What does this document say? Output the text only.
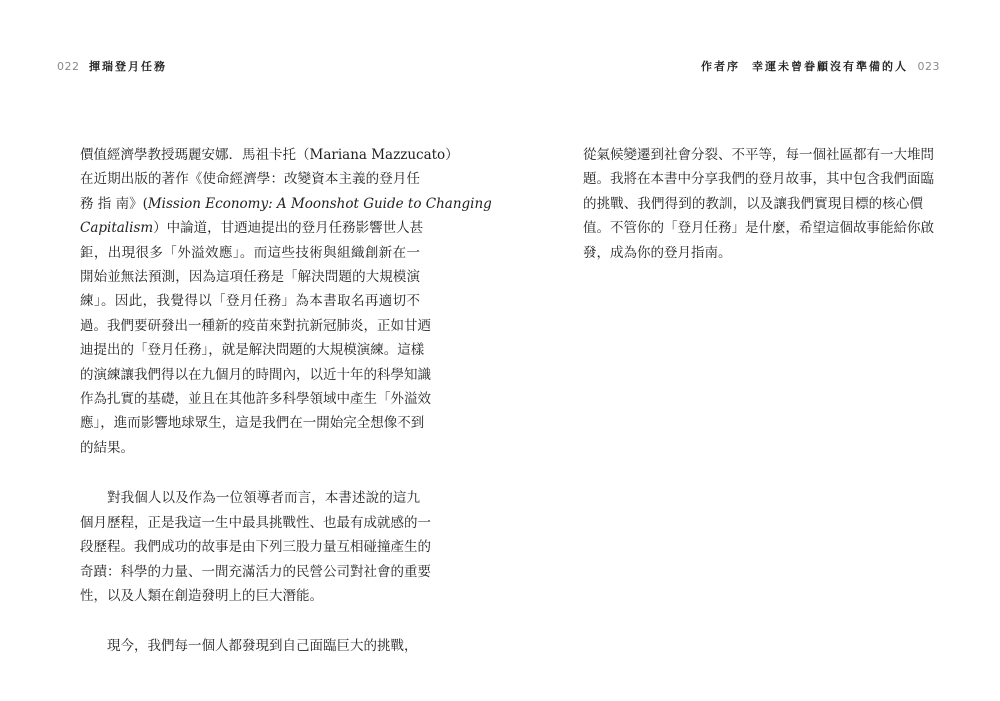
022 揮瑞登月任務	作者序 幸運未曾眷顧沒有準備的人 023

價值經濟學教授瑪麗安娜．馬祖卡托（Mariana Mazzucato）
在近期出版的著作《使命經濟學：改變資本主義的登月任
務 指 南》(Mission Economy: A Moonshot Guide to Changing
Capitalism）中論道，甘迺迪提出的登月任務影響世人甚
鉅，出現很多「外溢效應」。而這些技術與組織創新在一
開始並無法預測，因為這項任務是「解決問題的大規模演
練」。因此，我覺得以「登月任務」為本書取名再適切不
過。我們要研發出一種新的疫苗來對抗新冠肺炎，正如甘迺
迪提出的「登月任務」，就是解決問題的大規模演練。這樣
的演練讓我們得以在九個月的時間內，以近十年的科學知識
作為扎實的基礎，並且在其他許多科學領域中產生「外溢效
應」，進而影響地球眾生，這是我們在一開始完全想像不到
的結果。

對我個人以及作為一位領導者而言，本書述說的這九
個月歷程，正是我這一生中最具挑戰性、也最有成就感的一
段歷程。我們成功的故事是由下列三股力量互相碰撞產生的
奇蹟：科學的力量、一間充滿活力的民營公司對社會的重要
性，以及人類在創造發明上的巨大潛能。

現今，我們每一個人都發現到自己面臨巨大的挑戰，

從氣候變遷到社會分裂、不平等，每一個社區都有一大堆問
題。我將在本書中分享我們的登月故事，其中包含我們面臨
的挑戰、我們得到的教訓，以及讓我們實現目標的核心價
值。不管你的「登月任務」是什麼，希望這個故事能給你啟
發，成為你的登月指南。
